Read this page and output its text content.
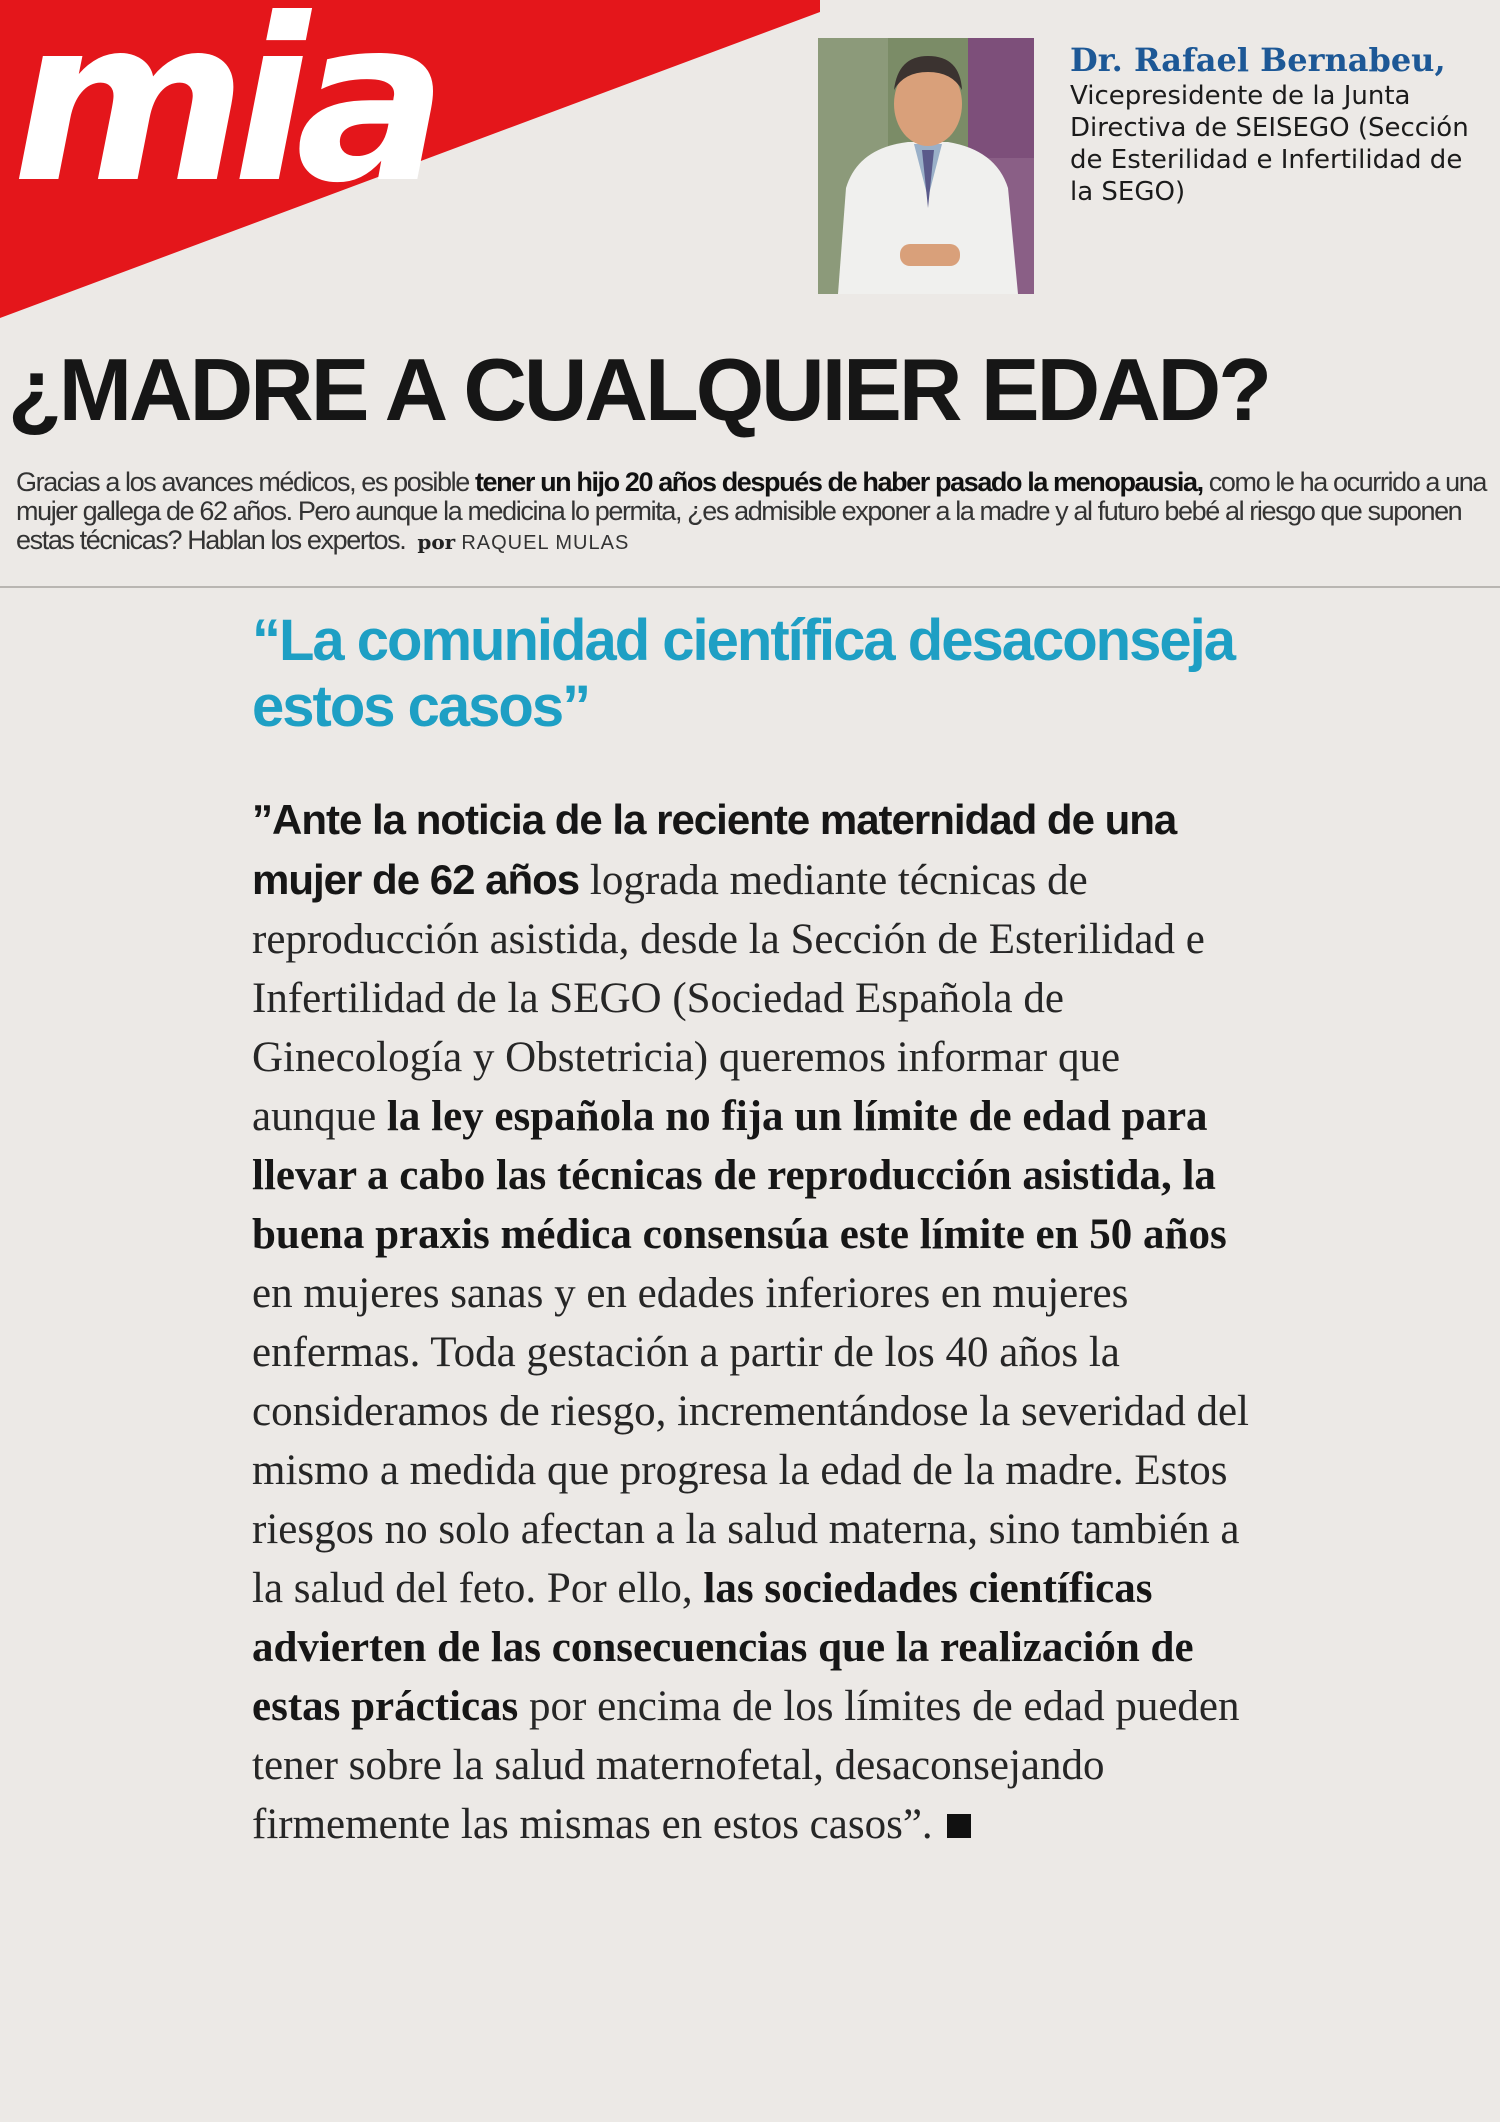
mia	Dr. Rafael Bernabeu,
Vicepresidente de la Junta Directiva de SEISEGO (Sección de Esterilidad e Infertilidad de la SEGO)
¿MADRE A CUALQUIER EDAD?

Gracias a los avances médicos, es posible tener un hijo 20 años después de haber pasado la menopausia, como le ha ocurrido a una mujer gallega de 62 años. Pero aunque la medicina lo permita, ¿es admisible exponer a la madre y al futuro bebé al riesgo que suponen estas técnicas? Hablan los expertos. por RAQUEL MULAS

“La comunidad científica desaconseja estos casos”

”Ante la noticia de la reciente maternidad de una mujer de 62 años lograda mediante técnicas de reproducción asistida, desde la Sección de Esterilidad e Infertilidad de la SEGO (Sociedad Española de Ginecología y Obstetricia) queremos informar que aunque la ley española no fija un límite de edad para llevar a cabo las técnicas de reproducción asistida, la buena praxis médica consensúa este límite en 50 años en mujeres sanas y en edades inferiores en mujeres enfermas. Toda gestación a partir de los 40 años la consideramos de riesgo, incrementándose la severidad del mismo a medida que progresa la edad de la madre. Estos riesgos no solo afectan a la salud materna, sino también a la salud del feto. Por ello, las sociedades científicas advierten de las consecuencias que la realización de estas prácticas por encima de los límites de edad pueden tener sobre la salud maternofetal, desaconsejando firmemente las mismas en estos casos”.
